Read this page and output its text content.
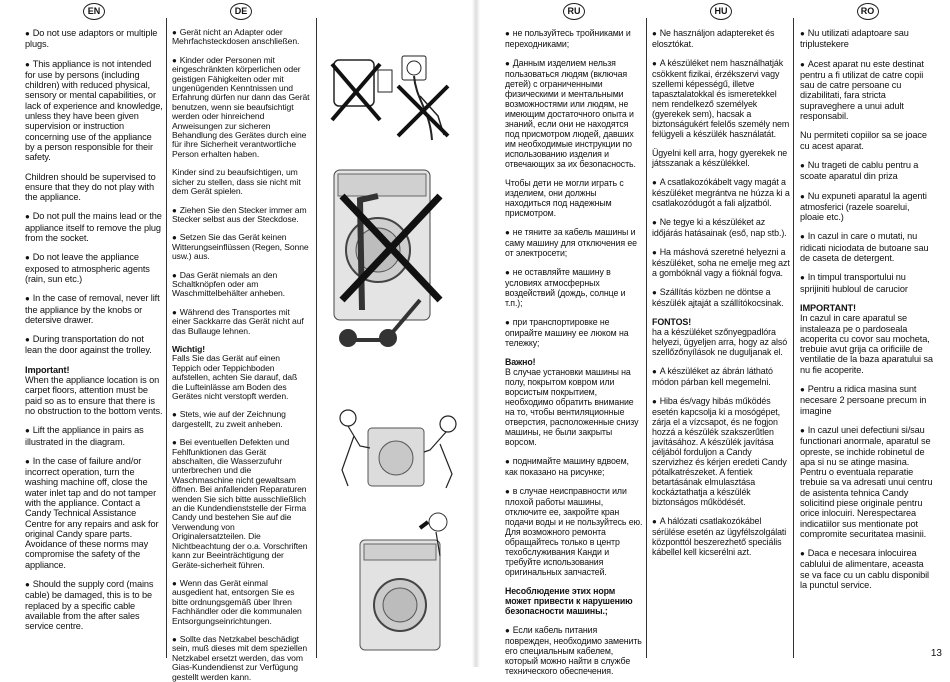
EN

● Do not use adaptors or multiple plugs.

● This appliance is not intended for use by persons (including children) with reduced physical, sensory or mental capabilities, or lack of experience and knowledge, unless they have been given supervision or instruction concerning use of the appliance by a person responsible for their safety.

Children should be supervised to ensure that they do not play with the appliance.

● Do not pull the mains lead or the appliance itself to remove the plug from the socket.

● Do not leave the appliance exposed to atmospheric agents (rain, sun etc.)

● In the case of removal, never lift the appliance by the knobs or detersive drawer.

● During transportation do not lean the door against the trolley.

Important!
When the appliance location is on carpet floors, attention must be paid so as to ensure that there is no obstruction to the bottom vents.

● Lift the appliance in pairs as illustrated in the diagram.

● In the case of failure and/or incorrect operation, turn the washing machine off, close the water inlet tap and do not tamper with the appliance. Contact a Candy Technical Assistance Centre for any repairs and ask for original Candy spare parts. Avoidance of these norms may compromise the safety of the appliance.

● Should the supply cord (mains cable) be damaged, this is to be replaced by a specific cable available from the after sales service centre.

DE

● Gerät nicht an Adapter oder Mehrfachsteckdosen anschließen.

● Kinder oder Personen mit eingeschränkten körperlichen oder geistigen Fähigkeiten oder mit ungenügenden Kenntnissen und Erfahrung dürfen nur dann das Gerät benutzen, wenn sie beaufsichtigt werden oder hinreichend Anweisungen zur sicheren Behandlung des Gerätes durch eine für ihre Sicherheit verantwortliche Person erhalten haben.

Kinder sind zu beaufsichtigen, um sicher zu stellen, dass sie nicht mit dem Gerät spielen.

● Ziehen Sie den Stecker immer am Stecker selbst aus der Steckdose.

● Setzen Sie das Gerät keinen Witterungseinflüssen (Regen, Sonne usw.) aus.

● Das Gerät niemals an den Schaltknöpfen oder am Waschmittelbehälter anheben.

● Während des Transportes mit einer Sackkarre das Gerät nicht auf das Bullauge lehnen.

Wichtig!
Falls Sie das Gerät auf einen Teppich oder Teppichboden aufstellen, achten Sie darauf, daß die Lufteinlässe am Boden des Gerätes nicht verstopft werden.

● Stets, wie auf der Zeichnung dargestellt, zu zweit anheben.

● Bei eventuellen Defekten und Fehlfunktionen das Gerät abschalten, die Wasserzufuhr unterbrechen und die Waschmaschine nicht gewaltsam öffnen. Bei anfallenden Reparaturen wenden Sie sich bitte ausschließlich an die Kundendienststelle der Firma Candy und bestehen Sie auf die Verwendung von Originalersatzteilen. Die Nichtbeachtung der o.a. Vorschriften kann zur Beeinträchtigung der Geräte-sicherheit führen.

● Wenn das Gerät einmal ausgedient hat, entsorgen Sie es bitte ordnungsgemäß über Ihren Fachhändler oder die kommunalen Entsorgungseinrichtungen.

● Sollte das Netzkabel beschädigt sein, muß dieses mit dem speziellen Netzkabel ersetzt werden, das vom Gias-Kundendienst zur Verfügung gestellt werden kann.

RU

● не пользуйтесь тройниками и переходниками;

● Данным изделием нельзя пользоваться людям (включая детей) с ограниченными физическими и ментальными возможностями или людям, не имеющим достаточного опыта и знаний, если они не находятся под присмотром людей, давших им необходимые инструкции по использованию изделия и отвечающих за их безопасность.

Чтобы дети не могли играть с изделием, они должны находиться под надежным присмотром.

● не тяните за кабель машины и саму машину для отключения ее от электросети;

● не оставляйте машину в условиях атмосферных воздействий (дождь, солнце и т.п.);

● при транспортировке не опирайте машину ее люком на тележку;

Важно!
В случае установки машины на полу, покрытом ковром или ворсистым покрытием, необходимо обратить внимание на то, чтобы вентиляционные отверстия, расположенные снизу машины, не были закрыты ворсом.

● поднимайте машину вдвоем, как показано на рисунке;

● в случае неисправности или плохой работы машины, отключите ее, закройте кран подачи воды и не пользуйтесь ею. Для возможного ремонта обращайтесь только в центр техобслуживания Канди и требуйте использования оригинальных запчастей.

Несоблюдение этих норм может привести к нарушению безопасности машины.;

● Если кабель питания поврежден, необходимо заменить его специальным кабелем, который можно найти в службе технического обеспечения.

HU

● Ne használjon adaptereket és elosztókat.

● A készüléket nem használhatják csökkent fizikai, érzékszervi vagy szellemi képességű, illetve tapasztalatokkal és ismeretekkel nem rendelkező személyek (gyerekek sem), hacsak a biztonságukért felelős személy nem felügyeli a készülék használatát.

Ügyelni kell arra, hogy gyerekek ne játsszanak a készülékkel.

● A csatlakozókábelt vagy magát a készüléket megrántva ne húzza ki a csatlakozódugót a fali aljzatból.

● Ne tegye ki a készüléket az időjárás hatásainak (eső, nap stb.).

● Ha máshová szeretné helyezni a készüléket, soha ne emelje meg azt a gombóknál vagy a fióknál fogva.

● Szállítás közben ne döntse a készülék ajtaját a szállítókocsinak.

FONTOS!
ha a készüléket szőnyegpadlóra helyezi, ügyeljen arra, hogy az alsó szellőzőnyílások ne duguljanak el.

● A készüléket az ábrán látható módon párban kell megemelni.

● Hiba és/vagy hibás működés esetén kapcsolja ki a mosógépet, zárja el a vízcsapot, és ne fogjon hozzá a készülék szakszerűtlen javításához. A készülék javítása céljából forduljon a Candy szervizhez és kérjen eredeti Candy pótalkatrészeket. A fentiek betartásának elmulasztása kockáztathatja a készülék biztonságos működését.

● A hálózati csatlakozókábel sérülése esetén az ügyfélszolgálati központtól beszerezhető speciális kábellel kell kicserélni azt.

RO

● Nu utilizati adaptoare sau triplustekere

● Acest aparat nu este destinat pentru a fi utilizat de catre copii sau de catre persoane cu dizabilitati, fara stricta supraveghere a unui adult responsabil.

Nu permiteti copiilor sa se joace cu acest aparat.

● Nu trageti de cablu pentru a scoate aparatul din priza

● Nu expuneti aparatul la agenti atmosferici (razele soarelui, ploaie etc.)

● In cazul in care o mutati, nu ridicati niciodata de butoane sau de caseta de detergent.

● In timpul transportului nu sprijiniti hubloul de carucior

IMPORTANT!
In cazul in care aparatul se instaleaza pe o pardoseala acoperita cu covor sau mocheta, trebuie avut grija ca orificiile de ventilatie de la baza aparatului sa nu fie acoperite.

● Pentru a ridica masina sunt necesare 2 persoane precum in imagine

● In cazul unei defectiuni si/sau functionari anormale, aparatul se opreste, se inchide robinetul de apa si nu se atinge masina. Pentru o eventuala reparatie trebuie sa va adresati unui centru de asistenta tehnica Candy solicitind piese originale pentru orice inlocuiri. Nerespectarea indicatiilor sus mentionate pot compromite securitatea masinii.

● Daca e necesara inlocuirea cablului de alimentare, aceasta se va face cu un cablu disponibil la punctul service.

13
